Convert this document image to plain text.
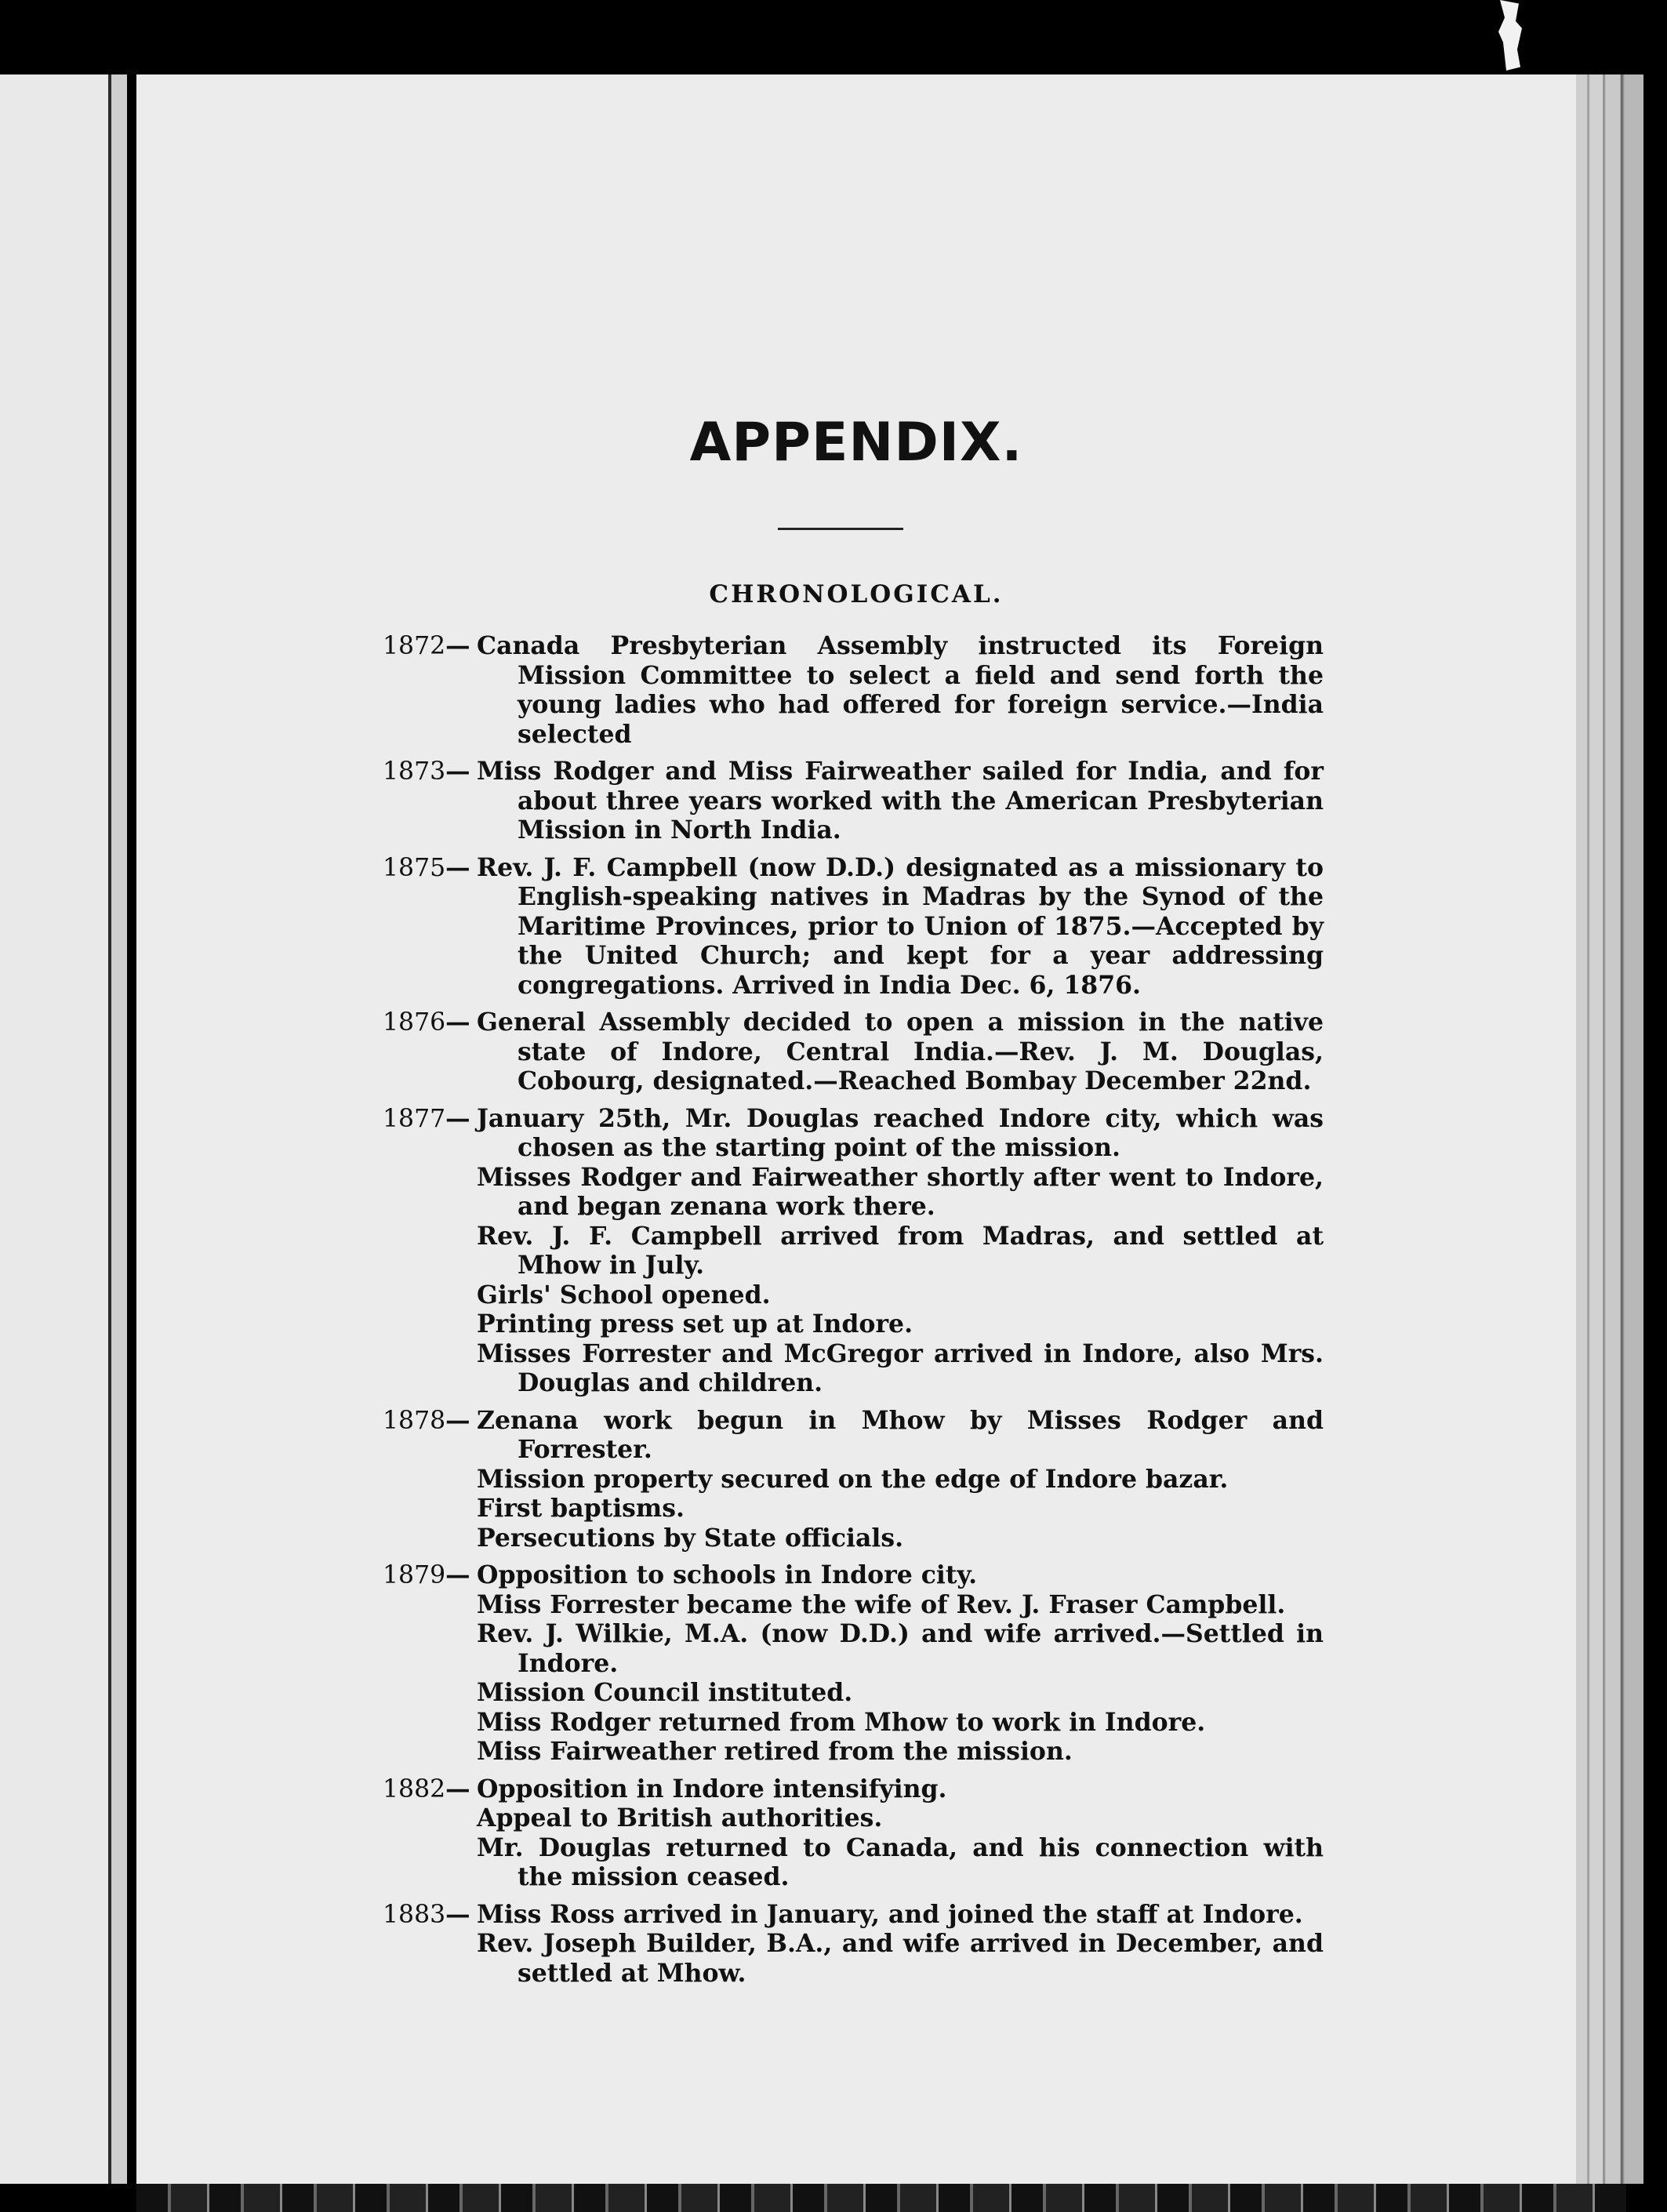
APPENDIX.
CHRONOLOGICAL.
1872— Canada Presbyterian Assembly instructed its Foreign Mission Committee to select a field and send forth the young ladies who had offered for foreign service.—India selected

1873— Miss Rodger and Miss Fairweather sailed for India, and for about three years worked with the American Presbyterian Mission in North India.

1875— Rev. J. F. Campbell (now D.D.) designated as a missionary to English-speaking natives in Madras by the Synod of the Maritime Provinces, prior to Union of 1875.—Accepted by the United Church; and kept for a year addressing congregations. Arrived in India Dec. 6, 1876.

1876— General Assembly decided to open a mission in the native state of Indore, Central India.—Rev. J. M. Douglas, Cobourg, designated.—Reached Bombay December 22nd.

1877— January 25th, Mr. Douglas reached Indore city, which was chosen as the starting point of the mission.

Misses Rodger and Fairweather shortly after went to Indore, and began zenana work there.

Rev. J. F. Campbell arrived from Madras, and settled at Mhow in July.

Girls' School opened.

Printing press set up at Indore.

Misses Forrester and McGregor arrived in Indore, also Mrs. Douglas and children.

1878— Zenana work begun in Mhow by Misses Rodger and Forrester.

Mission property secured on the edge of Indore bazar.

First baptisms.

Persecutions by State officials.

1879— Opposition to schools in Indore city.

Miss Forrester became the wife of Rev. J. Fraser Campbell.

Rev. J. Wilkie, M.A. (now D.D.) and wife arrived.—Settled in Indore.

Mission Council instituted.

Miss Rodger returned from Mhow to work in Indore.

Miss Fairweather retired from the mission.

1882— Opposition in Indore intensifying.

Appeal to British authorities.

Mr. Douglas returned to Canada, and his connection with the mission ceased.

1883— Miss Ross arrived in January, and joined the staff at Indore.

Rev. Joseph Builder, B.A., and wife arrived in December, and settled at Mhow.
